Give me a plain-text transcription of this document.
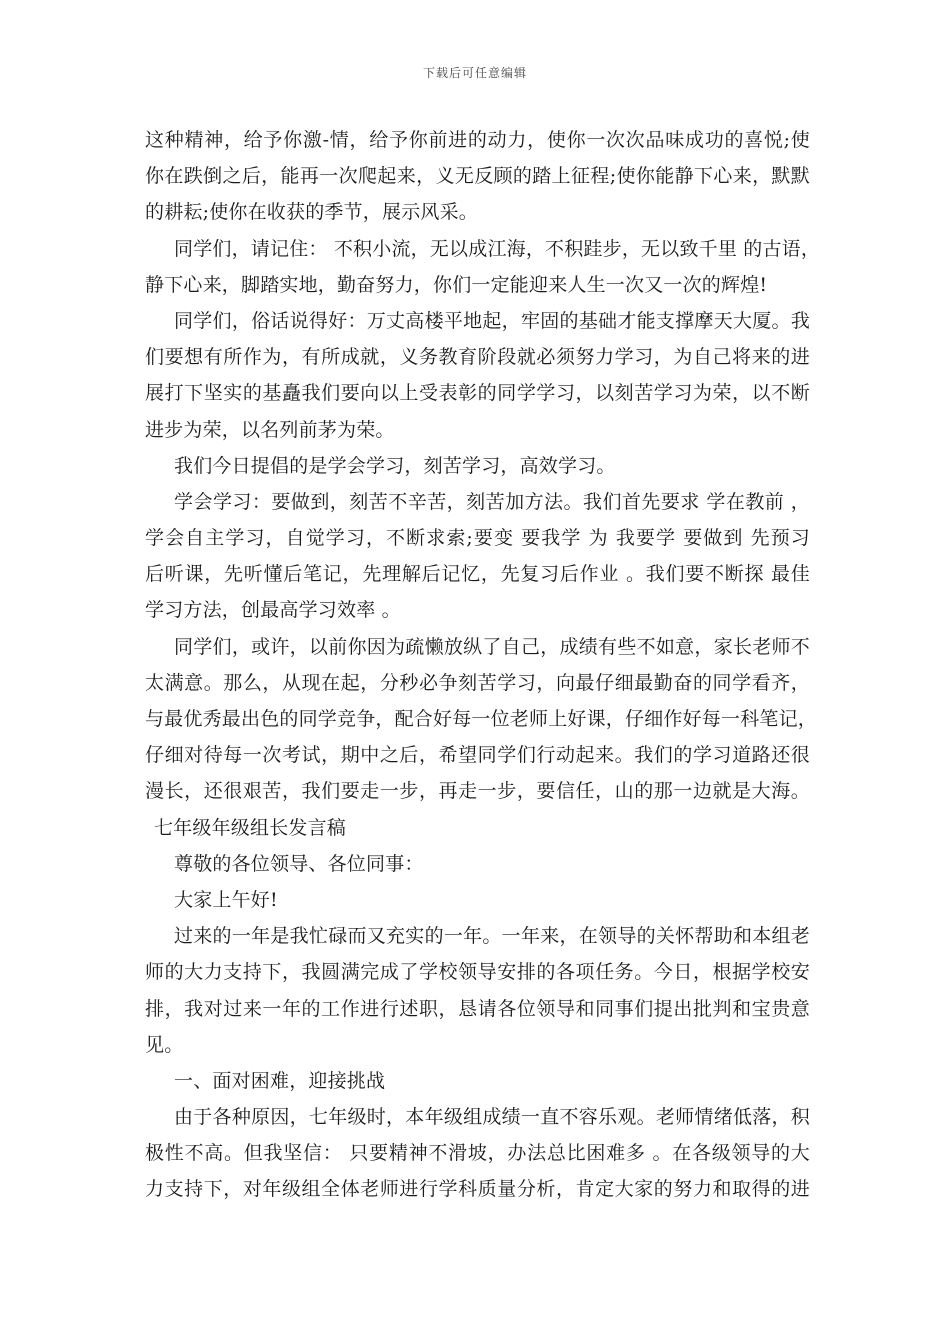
下载后可任意编辑
这种精神，给予你激-情，给予你前进的动力，使你一次次品味成功的喜悦;使
你在跌倒之后，能再一次爬起来，义无反顾的踏上征程;使你能静下心来，默默
的耕耘;使你在收获的季节，展示风采。
同学们，请记住： 不积小流，无以成江海，不积跬步，无以致千里 的古语，
静下心来，脚踏实地，勤奋努力，你们一定能迎来人生一次又一次的辉煌!
同学们，俗话说得好：万丈高楼平地起，牢固的基础才能支撑摩天大厦。我
们要想有所作为，有所成就，义务教育阶段就必须努力学习，为自己将来的进
展打下坚实的基矗我们要向以上受表彰的同学学习，以刻苦学习为荣，以不断
进步为荣，以名列前茅为荣。
我们今日提倡的是学会学习，刻苦学习，高效学习。
学会学习：要做到，刻苦不辛苦，刻苦加方法。我们首先要求 学在教前 ，
学会自主学习，自觉学习，不断求索;要变 要我学 为 我要学 要做到 先预习
后听课，先听懂后笔记，先理解后记忆，先复习后作业 。我们要不断探 最佳
学习方法，创最高学习效率 。
同学们，或许，以前你因为疏懒放纵了自己，成绩有些不如意，家长老师不
太满意。那么，从现在起，分秒必争刻苦学习，向最仔细最勤奋的同学看齐，
与最优秀最出色的同学竞争，配合好每一位老师上好课，仔细作好每一科笔记，
仔细对待每一次考试，期中之后，希望同学们行动起来。我们的学习道路还很
漫长，还很艰苦，我们要走一步，再走一步，要信任，山的那一边就是大海。
七年级年级组长发言稿
尊敬的各位领导、各位同事：
大家上午好!
过来的一年是我忙碌而又充实的一年。一年来，在领导的关怀帮助和本组老
师的大力支持下，我圆满完成了学校领导安排的各项任务。今日，根据学校安
排，我对过来一年的工作进行述职，恳请各位领导和同事们提出批判和宝贵意
见。
一、面对困难，迎接挑战
由于各种原因，七年级时，本年级组成绩一直不容乐观。老师情绪低落，积
极性不高。但我坚信： 只要精神不滑坡，办法总比困难多 。在各级领导的大
力支持下，对年级组全体老师进行学科质量分析，肯定大家的努力和取得的进
